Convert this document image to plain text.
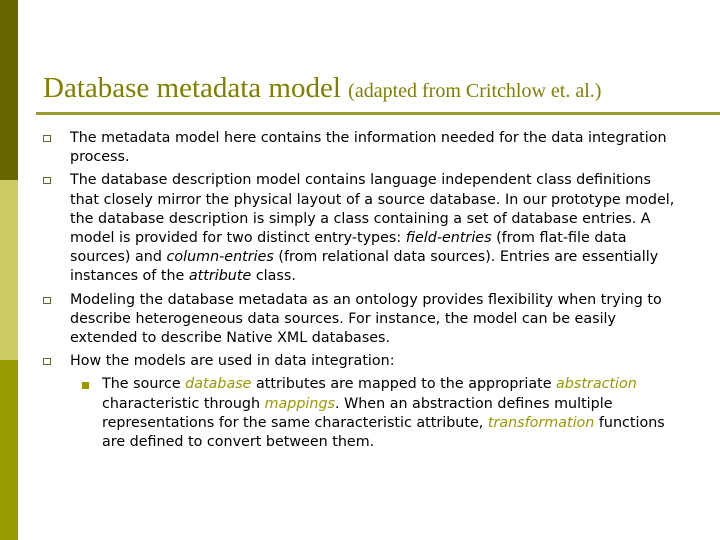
Database metadata model (adapted from Critchlow et. al.)
The metadata model here contains the information needed for the data integration process.
The database description model contains language independent class definitions that closely mirror the physical layout of a source database. In our prototype model, the database description is simply a class containing a set of database entries. A model is provided for two distinct entry-types: field-entries (from flat-file data sources) and column-entries (from relational data sources). Entries are essentially instances of the attribute class.
Modeling the database metadata as an ontology provides flexibility when trying to describe heterogeneous data sources. For instance, the model can be easily extended to describe Native XML databases.
How the models are used in data integration:
The source database attributes are mapped to the appropriate abstraction characteristic through mappings. When an abstraction defines multiple representations for the same characteristic attribute, transformation functions are defined to convert between them.
